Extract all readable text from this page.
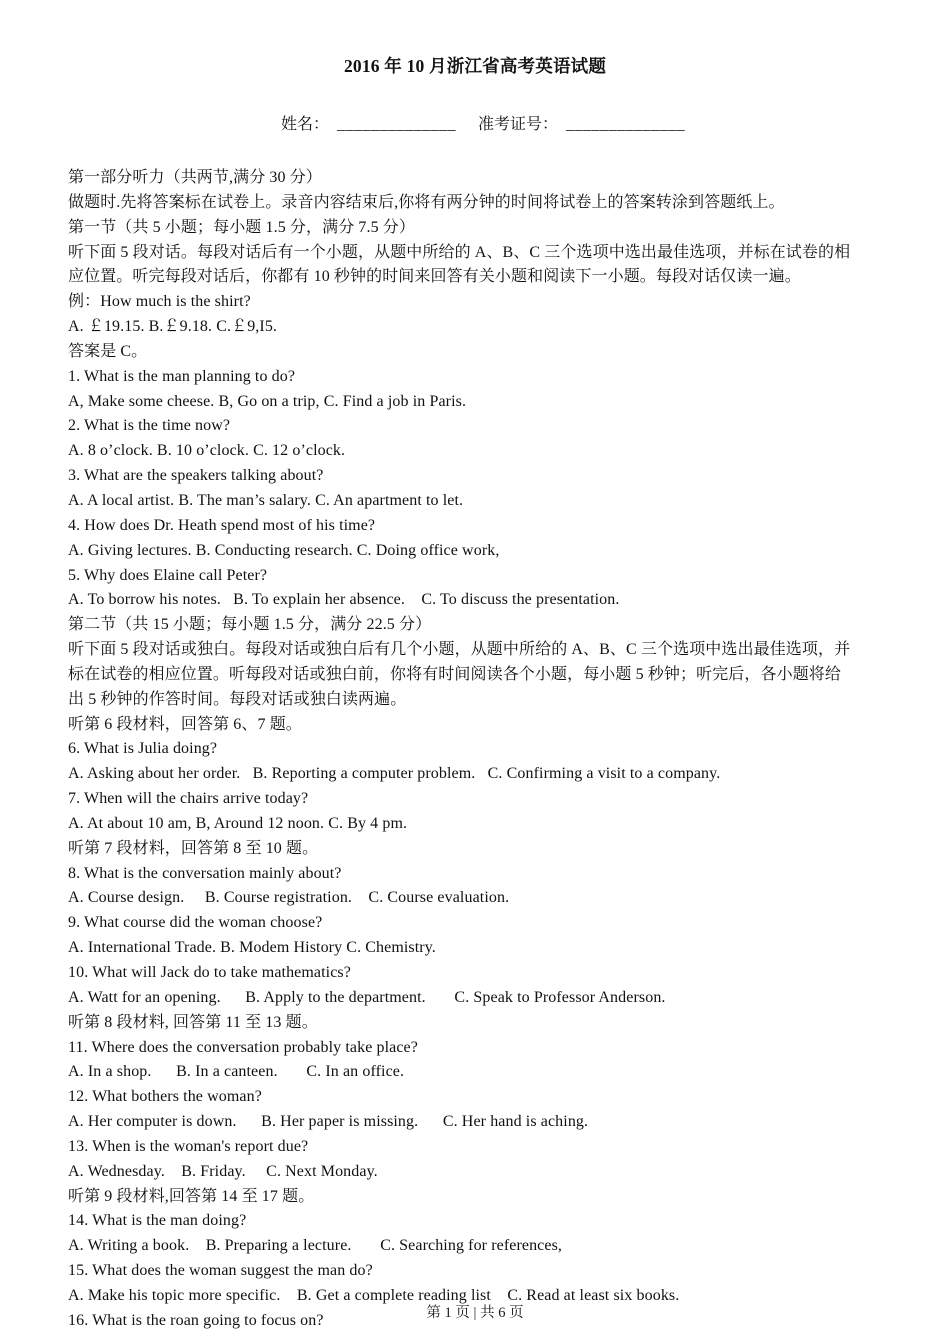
2016 年 10 月浙江省高考英语试题

姓名： ______________ 准考证号： ______________

第一部分听力（共两节,满分 30 分）
做题时.先将答案标在试卷上。录音内容结束后,你将有两分钟的时间将试卷上的答案转涂到答题纸上。
第一节（共 5 小题；每小题 1.5 分，满分 7.5 分）
听下面 5 段对话。每段对话后有一个小题，从题中所给的 A、B、C 三个选项中选出最佳选项，并标在试卷的相
应位置。听完每段对话后，你都有 10 秒钟的时间来回答有关小题和阅读下一小题。每段对话仅读一遍。
例：How much is the shirt?
A. ￡19.15. B.￡9.18. C.￡9,I5.
答案是 C。
1. What is the man planning to do?
A, Make some cheese. B, Go on a trip, C. Find a job in Paris.
2. What is the time now?
A. 8 o’clock. B. 10 o’clock. C. 12 o’clock.
3. What are the speakers talking about?
A. A local artist. B. The man’s salary. C. An apartment to let.
4. How does Dr. Heath spend most of his time?
A. Giving lectures. B. Conducting research. C. Doing office work,
5. Why does Elaine call Peter?
A. To borrow his notes.   B. To explain her absence.    C. To discuss the presentation.
第二节（共 15 小题；每小题 1.5 分，满分 22.5 分）
听下面 5 段对话或独白。每段对话或独白后有几个小题，从题中所给的 A、B、C 三个选项中选出最佳选项，并
标在试卷的相应位置。听每段对话或独白前，你将有时间阅读各个小题，每小题 5 秒钟；听完后，各小题将给
出 5 秒钟的作答时间。每段对话或独白读两遍。
听第 6 段材料，回答第 6、7 题。
6. What is Julia doing?
A. Asking about her order.   B. Reporting a computer problem.   C. Confirming a visit to a company.
7. When will the chairs arrive today?
A. At about 10 am, B, Around 12 noon. C. By 4 pm.
听第 7 段材料，回答第 8 至 10 题。
8. What is the conversation mainly about?
A. Course design.     B. Course registration.    C. Course evaluation.
9. What course did the woman choose?
A. International Trade. B. Modem History C. Chemistry.
10. What will Jack do to take mathematics?
A. Watt for an opening.      B. Apply to the department.       C. Speak to Professor Anderson.
听第 8 段材料, 回答第 11 至 13 题。
11. Where does the conversation probably take place?
A. In a shop.      B. In a canteen.       C. In an office.
12. What bothers the woman?
A. Her computer is down.      B. Her paper is missing.      C. Her hand is aching.
13. When is the woman's report due?
A. Wednesday.    B. Friday.     C. Next Monday.
听第 9 段材料,回答第 14 至 17 题。
14. What is the man doing?
A. Writing a book.    B. Preparing a lecture.       C. Searching for references,
15. What does the woman suggest the man do?
A. Make his topic more specific.    B. Get a complete reading list    C. Read at least six books.
16. What is the roan going to focus on?	第 1 页 | 共 6 页
